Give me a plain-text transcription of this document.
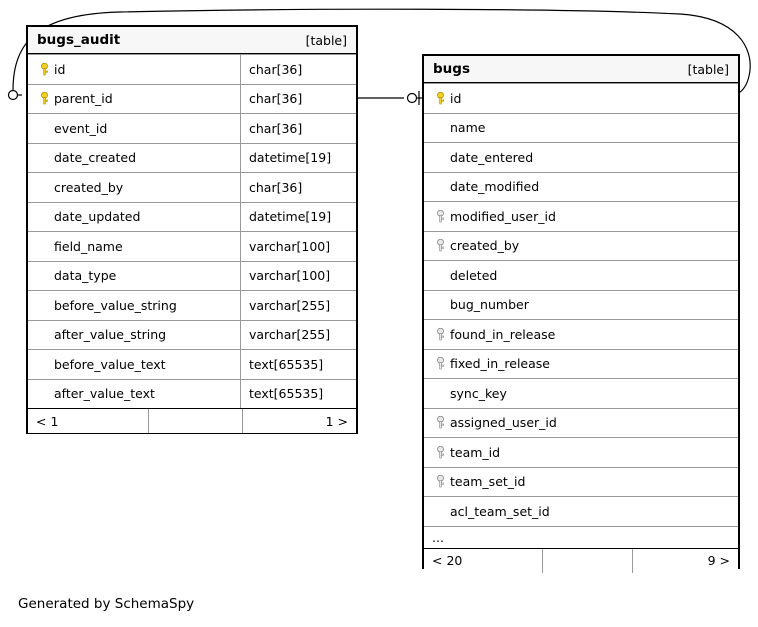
bugs_audit	[table]
id	char[36]
parent_id	char[36]
event_id	char[36]
date_created	datetime[19]
created_by	char[36]
date_updated	datetime[19]
field_name	varchar[100]
data_type	varchar[100]
before_value_string	varchar[255]
after_value_string	varchar[255]
before_value_text	text[65535]
after_value_text	text[65535]
< 1	1 >
bugs	[table]
id
name
date_entered
date_modified
modified_user_id
created_by
deleted
bug_number
found_in_release
fixed_in_release
sync_key
assigned_user_id
team_id
team_set_id
acl_team_set_id
...
< 20	9 >
Generated by SchemaSpy
